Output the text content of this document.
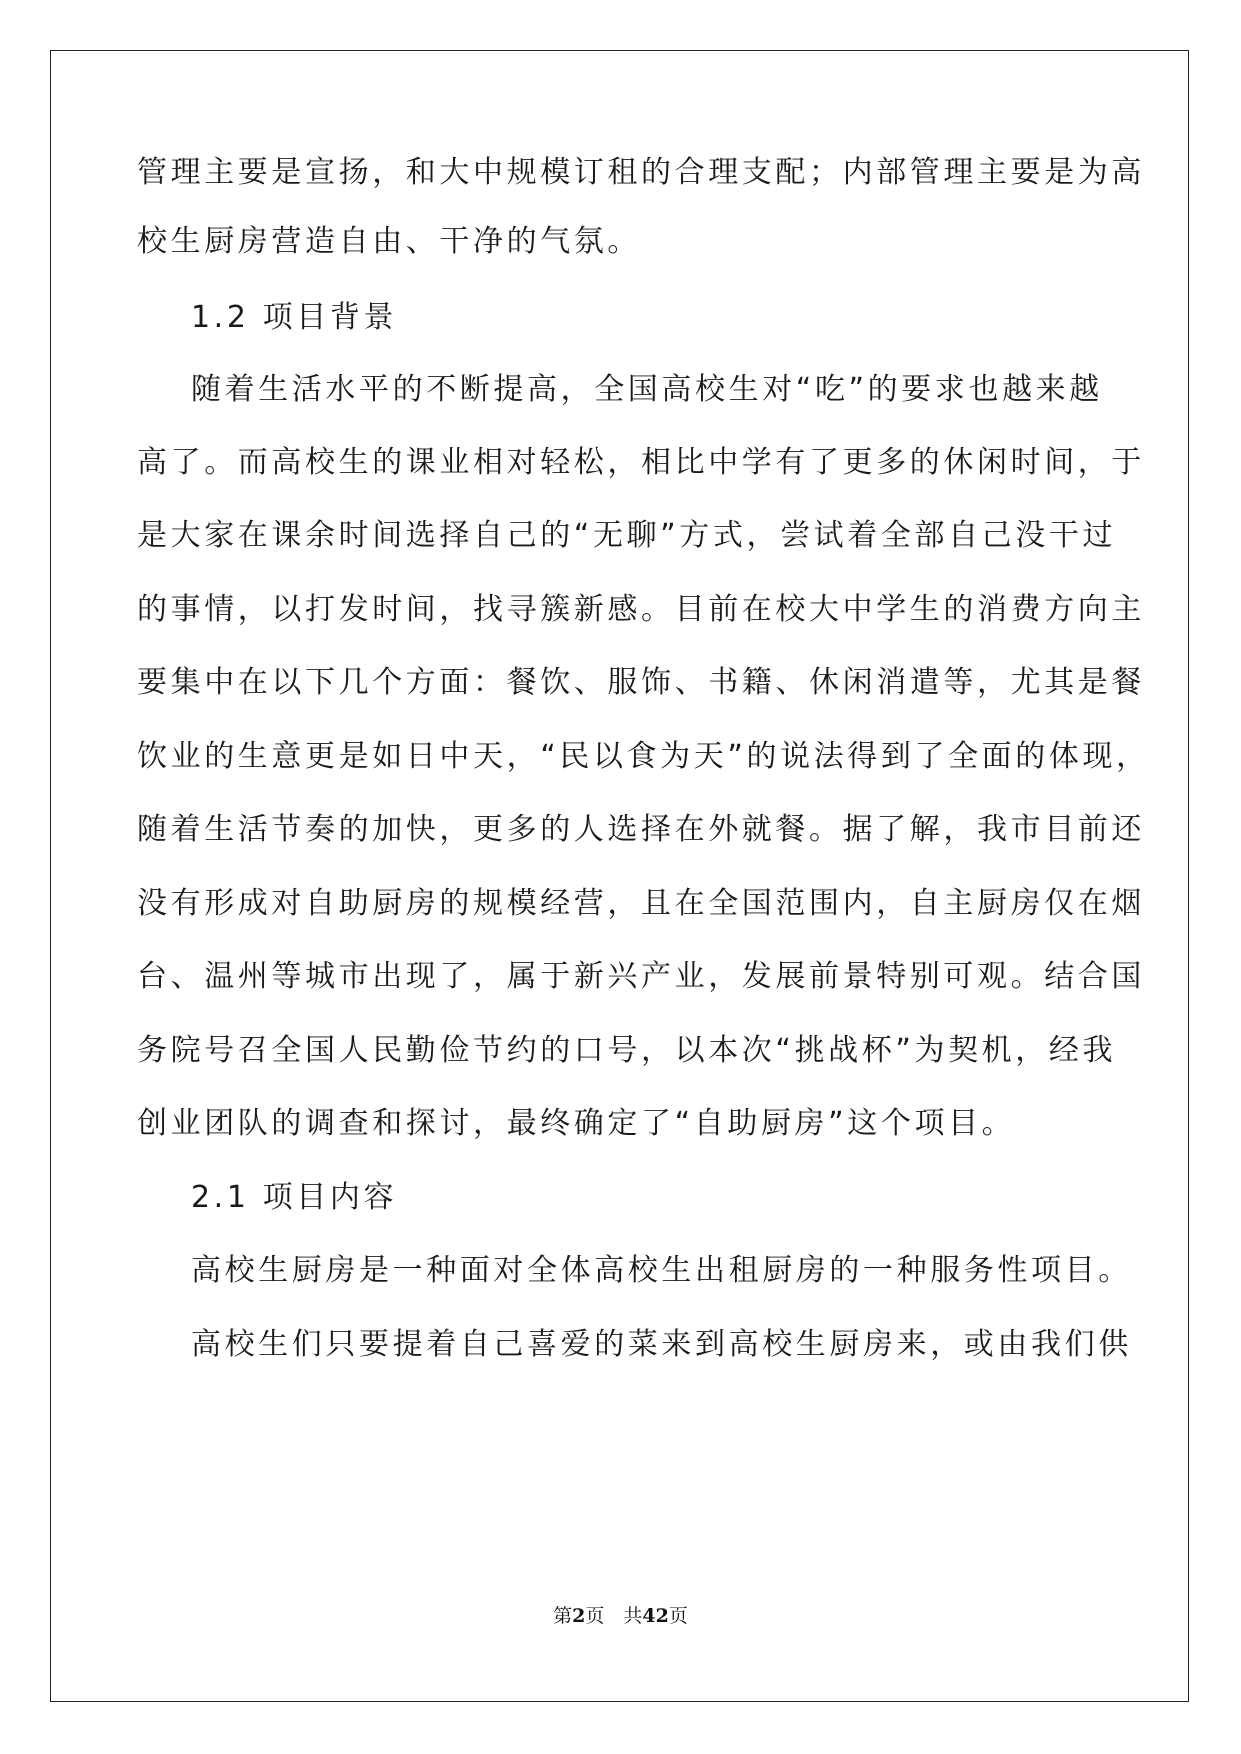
管理主要是宣扬，和大中规模订租的合理支配；内部管理主要是为高
校生厨房营造自由、干净的气氛。
1.2 项目背景
随着生活水平的不断提高，全国高校生对“吃”的要求也越来越
高了。而高校生的课业相对轻松，相比中学有了更多的休闲时间，于
是大家在课余时间选择自己的“无聊”方式，尝试着全部自己没干过
的事情，以打发时间，找寻簇新感。目前在校大中学生的消费方向主
要集中在以下几个方面：餐饮、服饰、书籍、休闲消遣等，尤其是餐
饮业的生意更是如日中天，“民以食为天”的说法得到了全面的体现，
随着生活节奏的加快，更多的人选择在外就餐。据了解，我市目前还
没有形成对自助厨房的规模经营，且在全国范围内，自主厨房仅在烟
台、温州等城市出现了，属于新兴产业，发展前景特别可观。结合国
务院号召全国人民勤俭节约的口号，以本次“挑战杯”为契机，经我
创业团队的调查和探讨，最终确定了“自助厨房”这个项目。
2.1 项目内容
高校生厨房是一种面对全体高校生出租厨房的一种服务性项目。
高校生们只要提着自己喜爱的菜来到高校生厨房来，或由我们供
第2页　共42页
